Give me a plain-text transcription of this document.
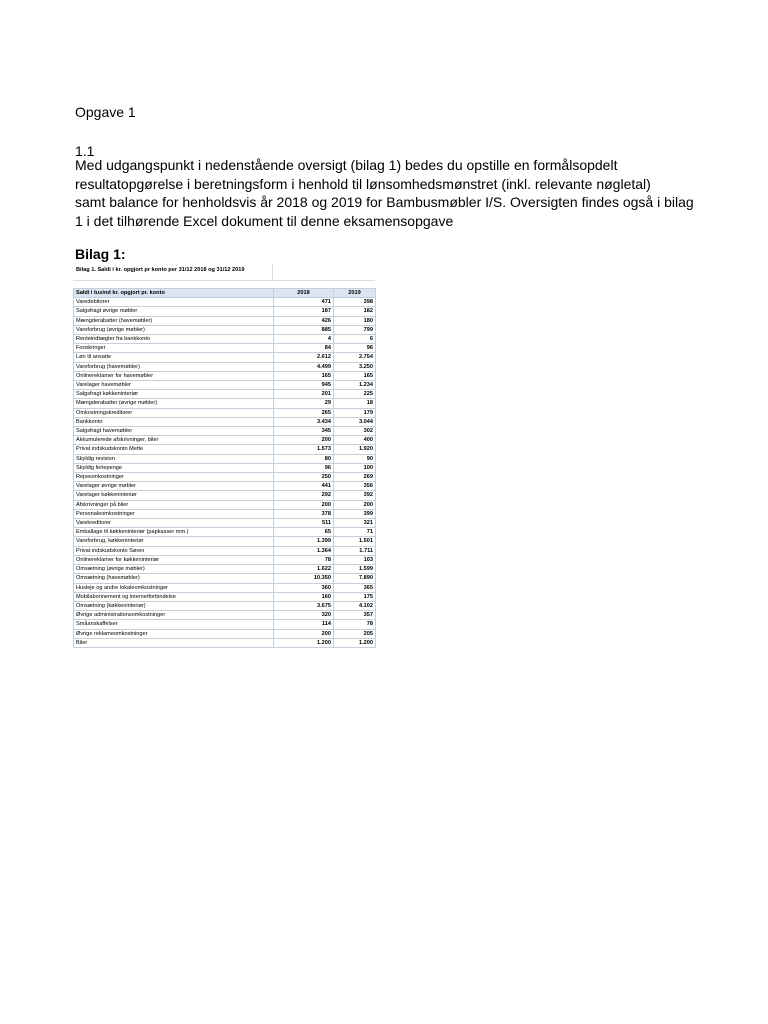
Opgave 1
1.1
Med udgangspunkt i nedenstående oversigt (bilag 1) bedes du opstille en formålsopdelt
resultatopgørelse i beretningsform i henhold til lønsomhedsmønstret (inkl. relevante nøgletal)
samt balance for henholdsvis år 2018 og 2019 for Bambusmøbler I/S. Oversigten findes også i bilag
1 i det tilhørende Excel dokument til denne eksamensopgave
Bilag 1:
Bilag 1. Saldi i kr. opgjort pr konto per 31/12 2018 og 31/12 2019
Saldi i tusind kr. opgjort pr. konto	2018	2019
Varedebitorer	471	398
Salgsfragt øvrige møbler	187	182
Mængderabatter (havemøbler)	426	180
Vareforbrug (øvrige møbler)	885	799
Renteindtægter fra bankkonto	4	6
Forsikringer	84	96
Løn til ansatte	2.612	2.754
Vareforbrug (havemøbler)	4.499	3.250
Onlinereklamer for havemøbler	165	165
Varelager havemøbler	945	1.234
Salgsfragt køkkeninteriør	201	225
Mængderabatter (øvrige møbler)	29	18
Omkostningskreditorer	265	179
Bankkonto	3.434	3.044
Salgsfragt havemøbler	345	302
Akkumulerede afskrivninger, biler	200	400
Privat indskudskonto Mette	1.573	1.920
Skyldig revision	80	90
Skyldig feriepenge	96	100
Rejseomkostninger	250	269
Varelager øvrige møbler	441	356
Varelager køkkeninteriør	292	392
Afskrivninger på biler	200	200
Personaleomkostninger	378	399
Varekreditorer	511	321
Emballage til køkkeninteriør (papkasser mm.)	65	71
Vareforbrug, køkkeninteriør	1.399	1.501
Privat indskudskonto Søren	1.364	1.711
Onlinereklamer for køkkeninteriør	78	103
Omsætning (øvrige møbler)	1.622	1.599
Omsætning (havemøbler)	10.350	7.890
Husleje og andre lokaleomkostninger	360	365
Mobilabonnement og internetforbindelse	160	175
Omsætning (køkkeninteriør)	3.675	4.102
Øvrige administrationsomkostninger	320	357
Småanskaffelser	114	78
Øvrige reklameomkostninger	200	205
Biler	1.200	1.200
